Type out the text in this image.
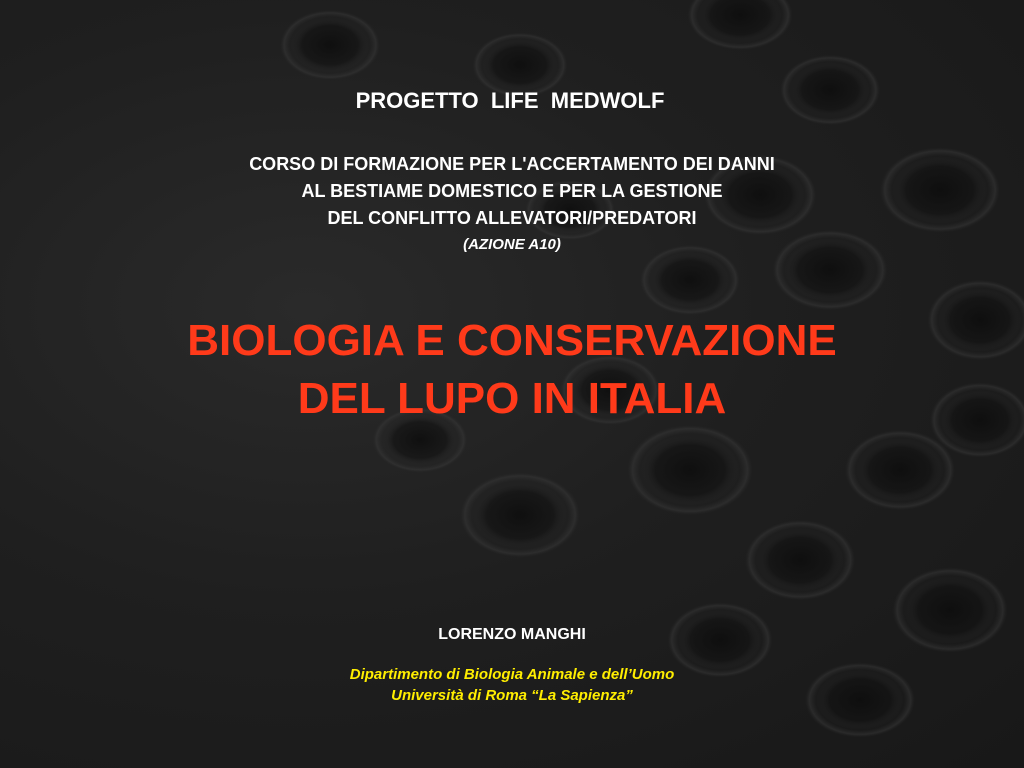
PROGETTO  LIFE  MEDWOLF

CORSO DI FORMAZIONE PER L'ACCERTAMENTO DEI DANNI
AL BESTIAME DOMESTICO E PER LA GESTIONE
DEL CONFLITTO ALLEVATORI/PREDATORI

(AZIONE A10)

BIOLOGIA E CONSERVAZIONE
DEL LUPO IN ITALIA

LORENZO MANGHI

Dipartimento di Biologia Animale e dell’Uomo
Università di Roma “La Sapienza”
